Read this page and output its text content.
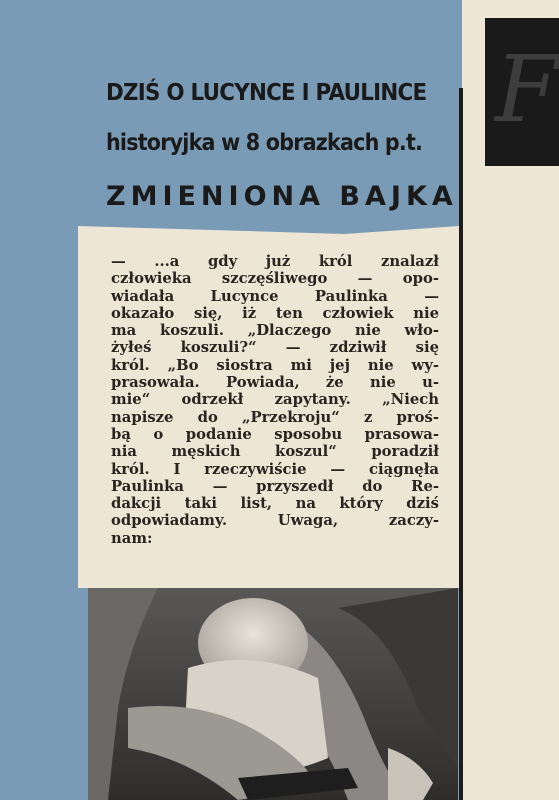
F
DZIŚ O LUCYNCE I PAULINCE
historyjka w 8 obrazkach p.t.
ZMIENIONA BAJKA

— ...a gdy już król znalazł
człowieka szczęśliwego — opo-
wiadała Lucynce Paulinka —
okazało się, iż ten człowiek nie
ma koszuli. „Dlaczego nie wło-
żyłeś koszuli?“ — zdziwił się
król. „Bo siostra mi jej nie wy-
prasowała. Powiada, że nie u-
mie“ odrzekł zapytany. „Niech
napisze do „Przekroju“ z proś-
bą o podanie sposobu prasowa-
nia męskich koszul“ poradził
król. I rzeczywiście — ciągnęła
Paulinka — przyszedł do Re-
dakcji taki list, na który dziś
odpowiadamy. Uwaga, zaczy-
nam:
